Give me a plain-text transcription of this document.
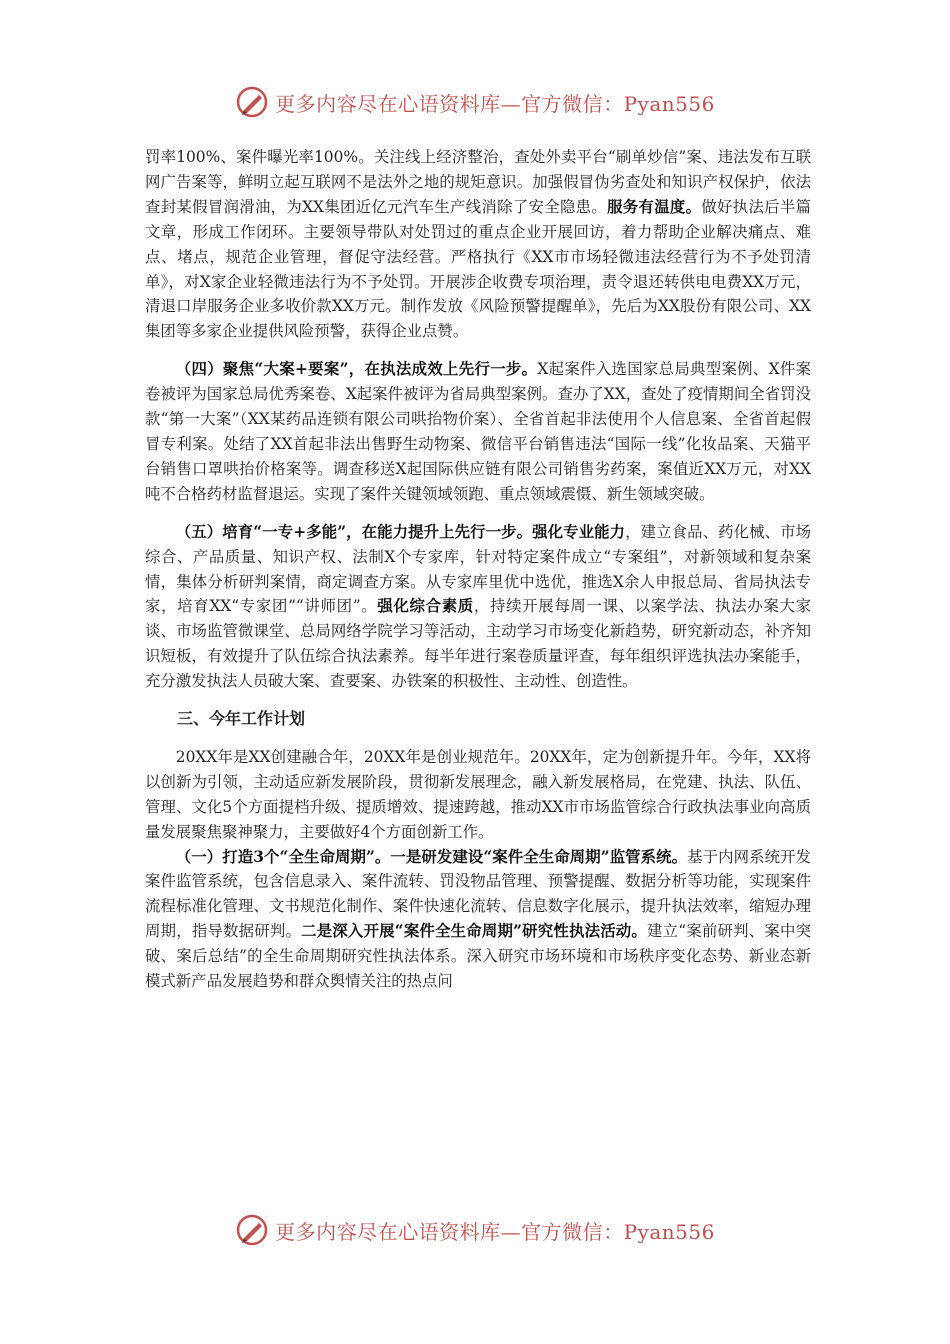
更多内容尽在心语资料库—官方微信：Pyan556

罚率100%、案件曝光率100%。关注线上经济整治，查处外卖平台“刷单炒信”案、违法发布互联网广告案等，鲜明立起互联网不是法外之地的规矩意识。加强假冒伪劣查处和知识产权保护，依法查封某假冒润滑油，为XX集团近亿元汽车生产线消除了安全隐患。服务有温度。做好执法后半篇文章，形成工作闭环。主要领导带队对处罚过的重点企业开展回访，着力帮助企业解决痛点、难点、堵点，规范企业管理，督促守法经营。严格执行《XX市市场轻微违法经营行为不予处罚清单》，对X家企业轻微违法行为不予处罚。开展涉企收费专项治理，责令退还转供电电费XX万元，清退口岸服务企业多收价款XX万元。制作发放《风险预警提醒单》，先后为XX股份有限公司、XX集团等多家企业提供风险预警，获得企业点赞。

（四）聚焦“大案+要案”，在执法成效上先行一步。X起案件入选国家总局典型案例、X件案卷被评为国家总局优秀案卷、X起案件被评为省局典型案例。查办了XX，查处了疫情期间全省罚没款“第一大案”（XX某药品连锁有限公司哄抬物价案）、全省首起非法使用个人信息案、全省首起假冒专利案。处结了XX首起非法出售野生动物案、微信平台销售违法“国际一线”化妆品案、天猫平台销售口罩哄抬价格案等。调查移送X起国际供应链有限公司销售劣药案，案值近XX万元，对XX吨不合格药材监督退运。实现了案件关键领域领跑、重点领域震慑、新生领域突破。

（五）培育“一专+多能”，在能力提升上先行一步。强化专业能力，建立食品、药化械、市场综合、产品质量、知识产权、法制X个专家库，针对特定案件成立“专案组”，对新领域和复杂案情，集体分析研判案情，商定调查方案。从专家库里优中选优，推选X余人申报总局、省局执法专家，培育XX“专家团”“讲师团”。强化综合素质，持续开展每周一课、以案学法、执法办案大家谈、市场监管微课堂、总局网络学院学习等活动，主动学习市场变化新趋势，研究新动态，补齐知识短板，有效提升了队伍综合执法素养。每半年进行案卷质量评查，每年组织评选执法办案能手，充分激发执法人员破大案、查要案、办铁案的积极性、主动性、创造性。

三、今年工作计划

20XX年是XX创建融合年，20XX年是创业规范年。20XX年，定为创新提升年。今年，XX将以创新为引领，主动适应新发展阶段，贯彻新发展理念，融入新发展格局，在党建、执法、队伍、管理、文化5个方面提档升级、提质增效、提速跨越，推动XX市市场监管综合行政执法事业向高质量发展聚焦聚神聚力，主要做好4个方面创新工作。

（一）打造3个“全生命周期”。一是研发建设“案件全生命周期”监管系统。基于内网系统开发案件监管系统，包含信息录入、案件流转、罚没物品管理、预警提醒、数据分析等功能，实现案件流程标准化管理、文书规范化制作、案件快速化流转、信息数字化展示，提升执法效率，缩短办理周期，指导数据研判。二是深入开展“案件全生命周期”研究性执法活动。建立“案前研判、案中突破、案后总结”的全生命周期研究性执法体系。深入研究市场环境和市场秩序变化态势、新业态新模式新产品发展趋势和群众舆情关注的热点问

更多内容尽在心语资料库—官方微信：Pyan556
